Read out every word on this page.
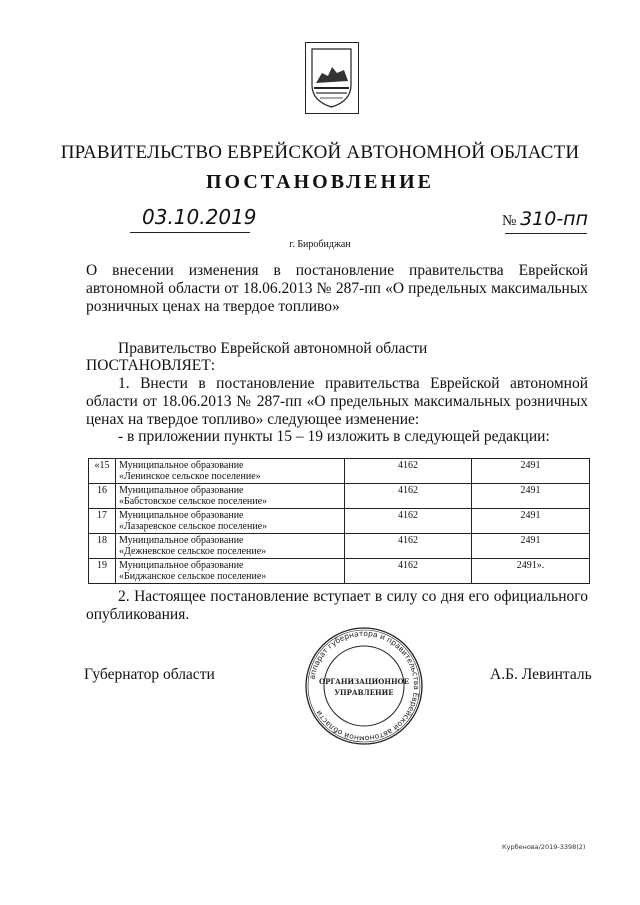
ПРАВИТЕЛЬСТВО ЕВРЕЙСКОЙ АВТОНОМНОЙ ОБЛАСТИ
ПОСТАНОВЛЕНИЕ
03.10.2019	№ 310-пп
г. Биробиджан
О внесении изменения в постановление правительства Еврейской автономной области от 18.06.2013 № 287-пп «О предельных максимальных розничных ценах на твердое топливо»
Правительство Еврейской автономной области
ПОСТАНОВЛЯЕТ:
1. Внести в постановление правительства Еврейской автономной области от 18.06.2013 № 287-пп «О предельных максимальных розничных ценах на твердое топливо» следующее изменение:
- в приложении пункты 15 – 19 изложить в следующей редакции:
«15	Муниципальное образование
«Ленинское сельское поселение»	4162	2491
16	Муниципальное образование
«Бабстовское сельское поселение»	4162	2491
17	Муниципальное образование
«Лазаревское сельское поселение»	4162	2491
18	Муниципальное образование
«Дежневское сельское поселение»	4162	2491
19	Муниципальное образование
«Биджанское сельское поселение»	4162	2491».
2. Настоящее постановление вступает в силу со дня его официального опубликования.
Губернатор области	аппарат губернатора и правительства Еврейской автономной области
ОРГАНИЗАЦИОННОЕ
УПРАВЛЕНИЕ
А.Б. Левинталь
Курбенова/2019-3398(2)
